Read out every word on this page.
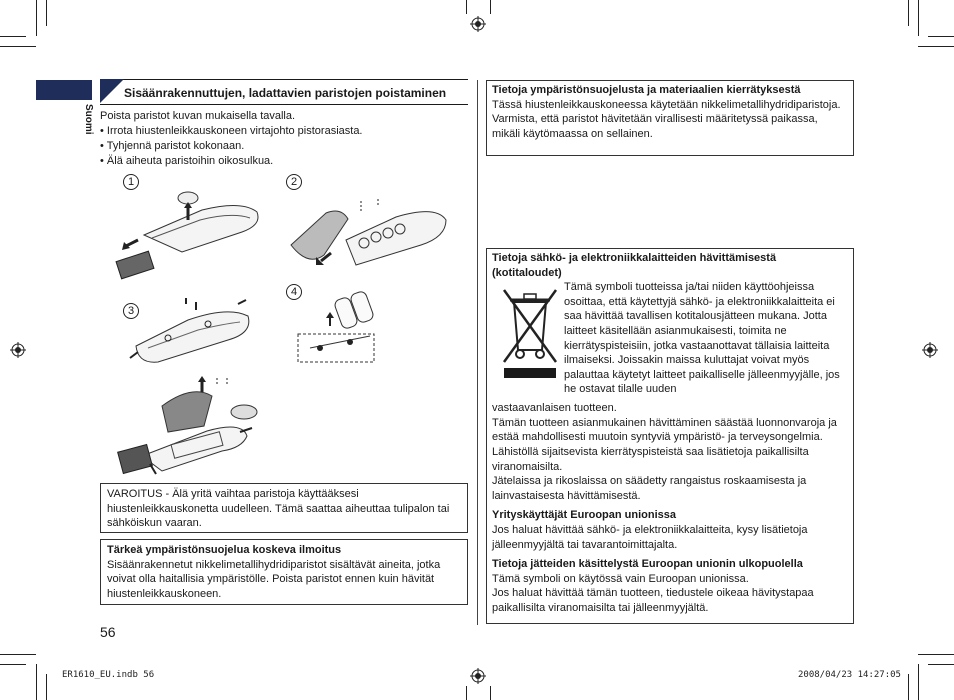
Suomi
Sisäänrakennuttujen, ladattavien paristojen poistaminen
Poista paristot kuvan mukaisella tavalla.
• Irrota hiustenleikkauskoneen virtajohto pistorasiasta.
• Tyhjennä paristot kokonaan.
• Älä aiheuta paristoihin oikosulkua.
1	2
3
4

VAROITUS - Älä yritä vaihtaa paristoja käyttääksesi hiustenleikkauskonetta uudelleen. Tämä saattaa aiheuttaa tulipalon tai sähköiskun vaaran.

Tärkeä ympäristönsuojelua koskeva ilmoitus

Sisäänrakennetut nikkelimetallihydridiparistot sisältävät aineita, jotka voivat olla haitallisia ympäristölle. Poista paristot ennen kuin hävität hiustenleikkauskoneen.

56

Tietoja ympäristönsuojelusta ja materiaalien kierrätyksestä

Tässä hiustenleikkauskoneessa käytetään nikkelimetallihydridiparistoja.

Varmista, että paristot hävitetään virallisesti määritetyssä paikassa, mikäli käytömaassa on sellainen.

Tietoja sähkö- ja elektroniikkalaitteiden hävittämisestä (kotitaloudet)

Tämä symboli tuotteissa ja/tai niiden käyttöohjeissa osoittaa, että käytettyjä sähkö- ja elektroniikkalaitteita ei saa hävittää tavallisen kotitalousjätteen mukana. Jotta laitteet käsitellään asianmukaisesti, toimita ne kierrätyspisteisiin, jotka vastaanottavat tällaisia laitteita ilmaiseksi. Joissakin maissa kuluttajat voivat myös palauttaa käytetyt laitteet paikalliselle jälleenmyyjälle, jos he ostavat tilalle uuden

vastaavanlaisen tuotteen.

Tämän tuotteen asianmukainen hävittäminen säästää luonnonvaroja ja estää mahdollisesti muutoin syntyviä ympäristö- ja terveysongelmia. Lähistöllä sijaitsevista kierrätyspisteistä saa lisätietoja paikallisilta viranomaisilta.

Jätelaissa ja rikoslaissa on säädetty rangaistus roskaamisesta ja lainvastaisesta hävittämisestä.

Yrityskäyttäjät Euroopan unionissa

Jos haluat hävittää sähkö- ja elektroniikkalaitteita, kysy lisätietoja jälleenmyyjältä tai tavarantoimittajalta.

Tietoja jätteiden käsittelystä Euroopan unionin ulkopuolella

Tämä symboli on käytössä vain Euroopan unionissa.

Jos haluat hävittää tämän tuotteen, tiedustele oikeaa hävitystapaa paikallisilta viranomaisilta tai jälleenmyyjältä.

ER1610_EU.indb 56	2008/04/23 14:27:05
